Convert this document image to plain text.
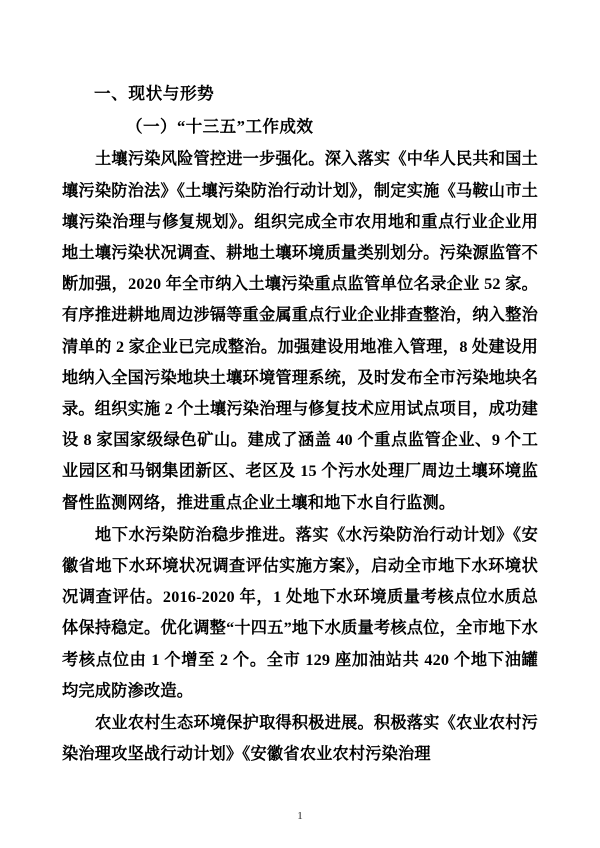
一、现状与形势
（一）“十三五”工作成效

土壤污染风险管控进一步强化。深入落实《中华人民共和国土壤污染防治法》《土壤污染防治行动计划》，制定实施《马鞍山市土壤污染治理与修复规划》。组织完成全市农用地和重点行业企业用地土壤污染状况调查、耕地土壤环境质量类别划分。污染源监管不断加强，2020 年全市纳入土壤污染重点监管单位名录企业 52 家。有序推进耕地周边涉镉等重金属重点行业企业排查整治，纳入整治清单的 2 家企业已完成整治。加强建设用地准入管理，8 处建设用地纳入全国污染地块土壤环境管理系统，及时发布全市污染地块名录。组织实施 2 个土壤污染治理与修复技术应用试点项目，成功建设 8 家国家级绿色矿山。建成了涵盖 40 个重点监管企业、9 个工业园区和马钢集团新区、老区及 15 个污水处理厂周边土壤环境监督性监测网络，推进重点企业土壤和地下水自行监测。

地下水污染防治稳步推进。落实《水污染防治行动计划》《安徽省地下水环境状况调查评估实施方案》，启动全市地下水环境状况调查评估。2016-2020 年，1 处地下水环境质量考核点位水质总体保持稳定。优化调整“十四五”地下水质量考核点位，全市地下水考核点位由 1 个增至 2 个。全市 129 座加油站共 420 个地下油罐均完成防渗改造。

农业农村生态环境保护取得积极进展。积极落实《农业农村污染治理攻坚战行动计划》《安徽省农业农村污染治理

1
